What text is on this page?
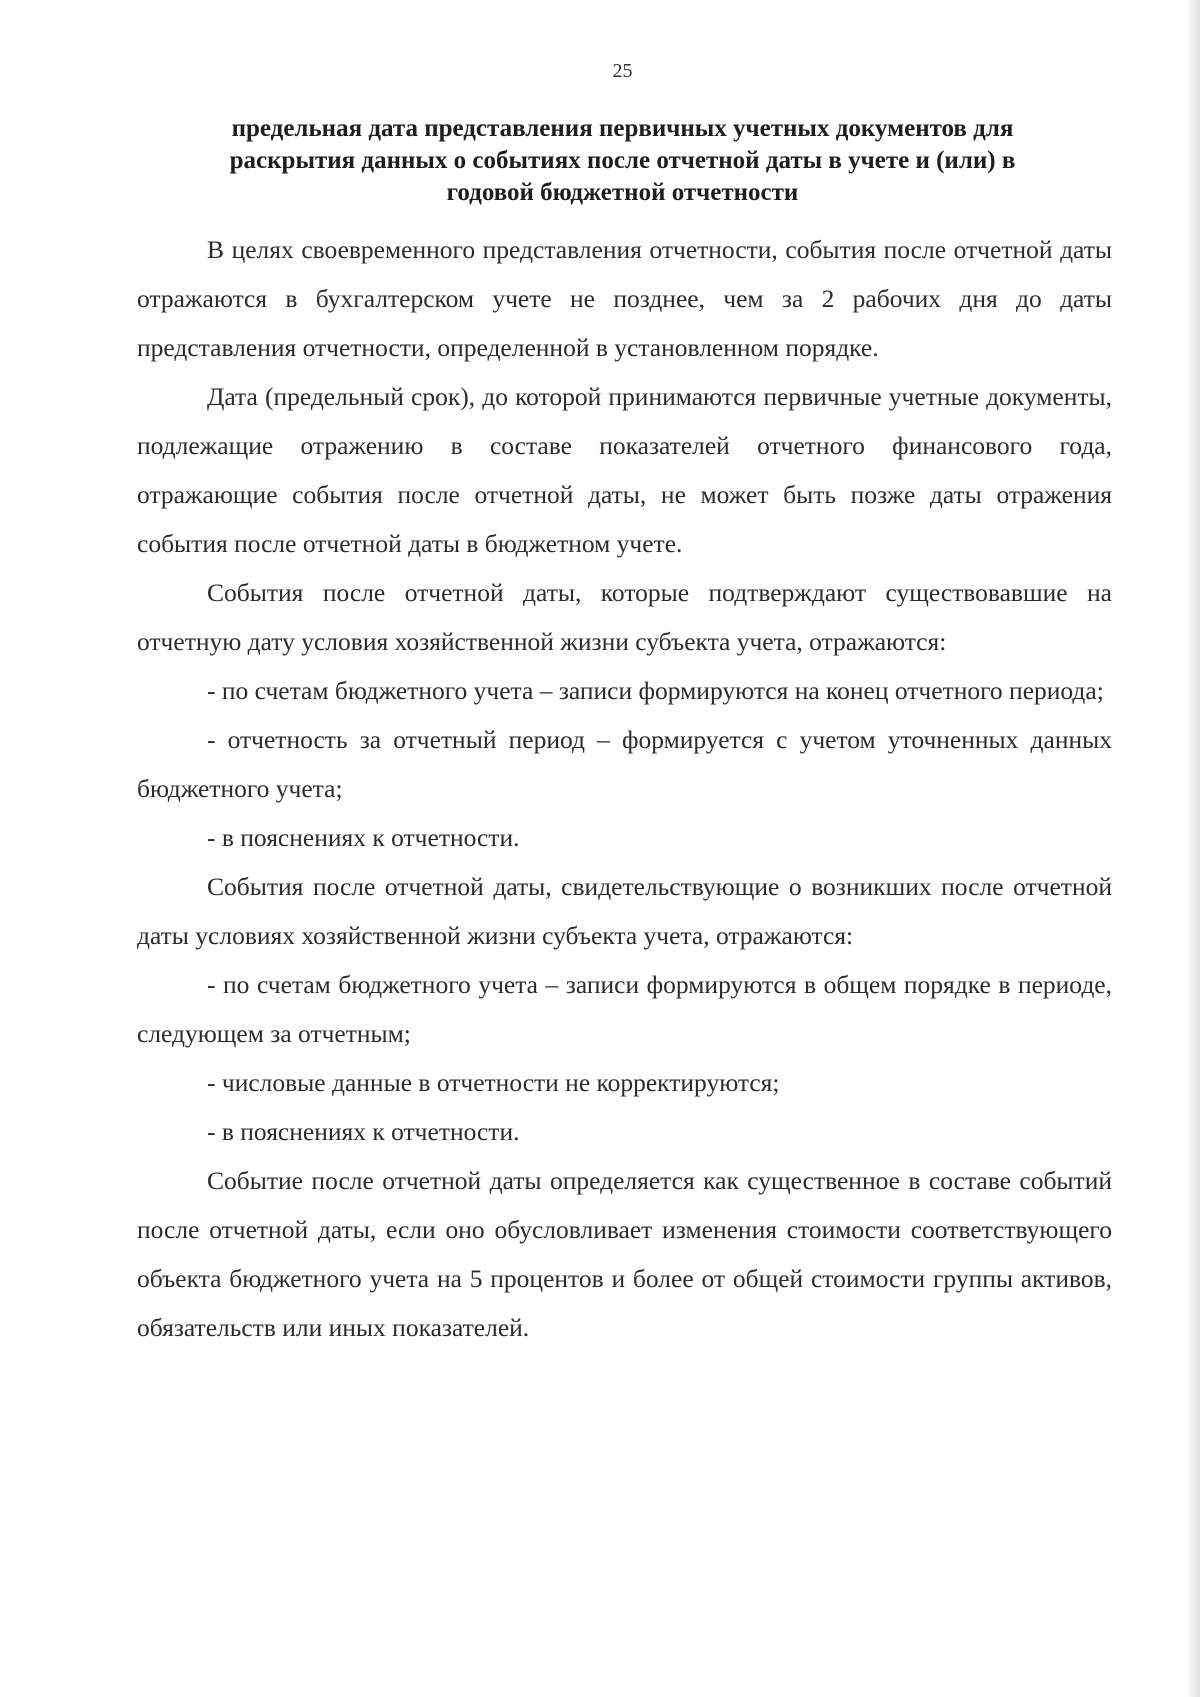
25
предельная дата представления первичных учетных документов для
раскрытия данных о событиях после отчетной даты в учете и (или) в
годовой бюджетной отчетности

В целях своевременного представления отчетности, события после отчетной даты отражаются в бухгалтерском учете не позднее, чем за 2 рабочих дня до даты представления отчетности, определенной в установленном порядке.

Дата (предельный срок), до которой принимаются первичные учетные документы, подлежащие отражению в составе показателей отчетного финансового года, отражающие события после отчетной даты, не может быть позже даты отражения события после отчетной даты в бюджетном учете.

События после отчетной даты, которые подтверждают существовавшие на отчетную дату условия хозяйственной жизни субъекта учета, отражаются:

- по счетам бюджетного учета – записи формируются на конец отчетного периода;

- отчетность за отчетный период – формируется с учетом уточненных данных бюджетного учета;

- в пояснениях к отчетности.

События после отчетной даты, свидетельствующие о возникших после отчетной даты условиях хозяйственной жизни субъекта учета, отражаются:

- по счетам бюджетного учета – записи формируются в общем порядке в периоде, следующем за отчетным;

- числовые данные в отчетности не корректируются;

- в пояснениях к отчетности.

Событие после отчетной даты определяется как существенное в составе событий после отчетной даты, если оно обусловливает изменения стоимости соответствующего объекта бюджетного учета на 5 процентов и более от общей стоимости группы активов, обязательств или иных показателей.
